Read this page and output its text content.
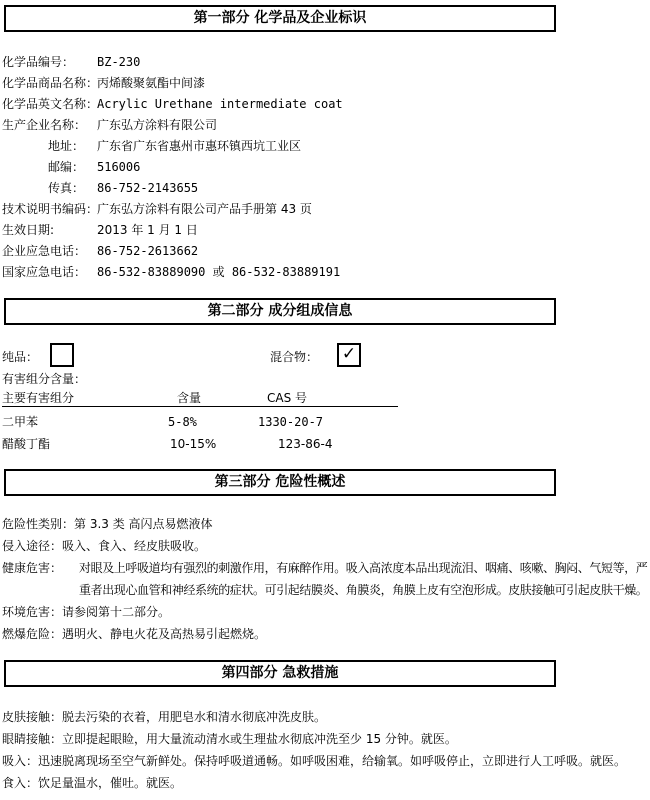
第一部分 化学品及企业标识
化学品编号： BZ-230
化学品商品名称：
丙烯酸聚氨酯中间漆
化学品英文名称：
Acrylic Urethane intermediate coat
生产企业名称： 广东弘方涂料有限公司
地址： 广东省广东省惠州市惠环镇西坑工业区
邮编： 516006
传真： 86-752-2143655
技术说明书编码：
广东弘方涂料有限公司产品手册第 43 页
生效日期:	2013 年 1 月 1 日
企业应急电话： 86-752-2613662
国家应急电话： 86-532-83889090 或 86-532-83889191
第二部分 成分组成信息
纯品：	混合物： ✓
有害组分含量：
主要有害组分	含量	CAS 号
二甲苯	5-8%	1330-20-7
醋酸丁酯	10-15%	123-86-4
第三部分 危险性概述
危险性类别：第 3.3 类 高闪点易燃液体
侵入途径：吸入、食入、经皮肤吸收。
健康危害： 对眼及上呼吸道均有强烈的刺激作用，有麻醉作用。吸入高浓度本品出现流泪、咽痛、咳嗽、胸闷、气短等，严重者出现心血管和神经系统的症状。可引起结膜炎、角膜炎，角膜上皮有空泡形成。皮肤接触可引起皮肤干燥。
环境危害：请参阅第十二部分。
燃爆危险：遇明火、静电火花及高热易引起燃烧。
第四部分 急救措施
皮肤接触：脱去污染的衣着，用肥皂水和清水彻底冲洗皮肤。
眼睛接触：立即提起眼睑，用大量流动清水或生理盐水彻底冲洗至少 15 分钟。就医。
吸入：迅速脱离现场至空气新鲜处。保持呼吸道通畅。如呼吸困难，给输氧。如呼吸停止，立即进行人工呼吸。就医。
食入：饮足量温水，催吐。就医。
